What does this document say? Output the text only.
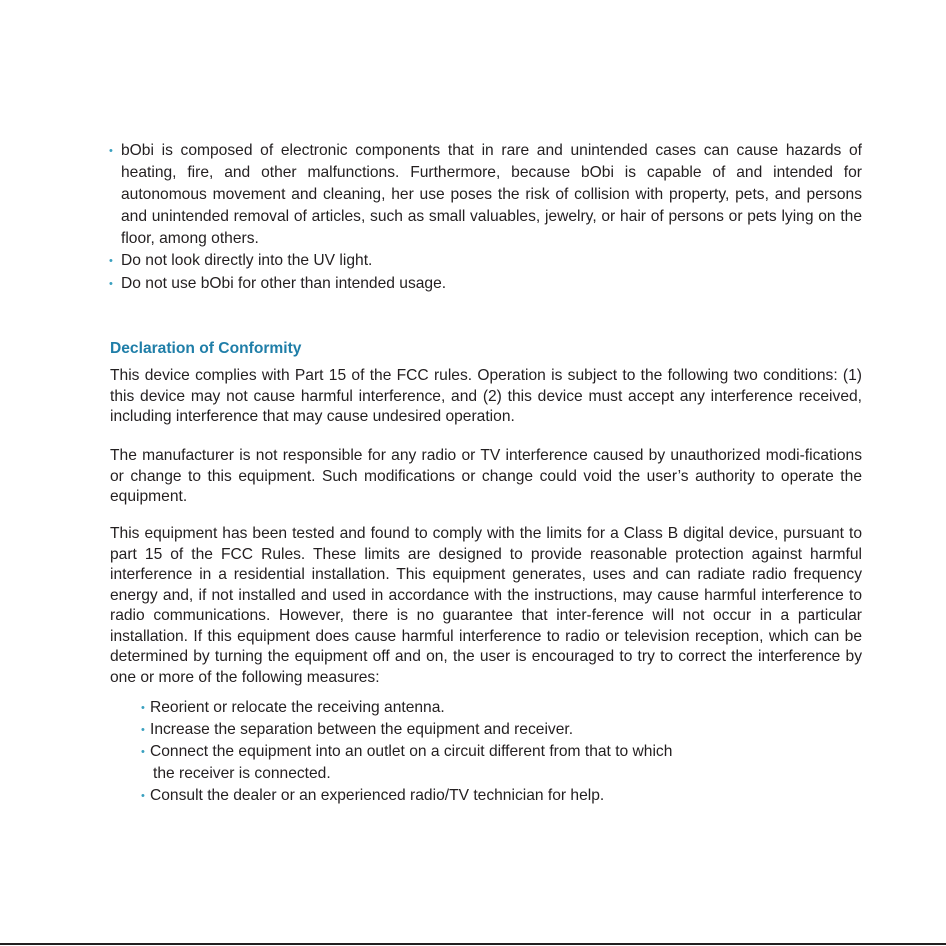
• bObi is composed of electronic components that in rare and unintended cases can cause hazards of heating, fire, and other malfunctions. Furthermore, because bObi is capable of and intended for autonomous movement and cleaning, her use poses the risk of collision with property, pets, and persons and unintended removal of articles, such as small valuables, jewelry, or hair of persons or pets lying on the floor, among others.
• Do not look directly into the UV light.
• Do not use bObi for other than intended usage.
Declaration of Conformity

This device complies with Part 15 of the FCC rules. Operation is subject to the following two conditions: (1) this device may not cause harmful interference, and (2) this device must accept any interference received, including interference that may cause undesired operation.

The manufacturer is not responsible for any radio or TV interference caused by unauthorized modi-fications or change to this equipment. Such modifications or change could void the user’s authority to operate the equipment.

This equipment has been tested and found to comply with the limits for a Class B digital device, pursuant to part 15 of the FCC Rules. These limits are designed to provide reasonable protection against harmful interference in a residential installation. This equipment generates, uses and can radiate radio frequency energy and, if not installed and used in accordance with the instructions, may cause harmful interference to radio communications. However, there is no guarantee that inter-ference will not occur in a particular installation. If this equipment does cause harmful interference to radio or television reception, which can be determined by turning the equipment off and on, the user is encouraged to try to correct the interference by one or more of the following measures:

• Reorient or relocate the receiving antenna.
• Increase the separation between the equipment and receiver.
• Connect the equipment into an outlet on a circuit different from that to which
the receiver is connected.
• Consult the dealer or an experienced radio/TV technician for help.
